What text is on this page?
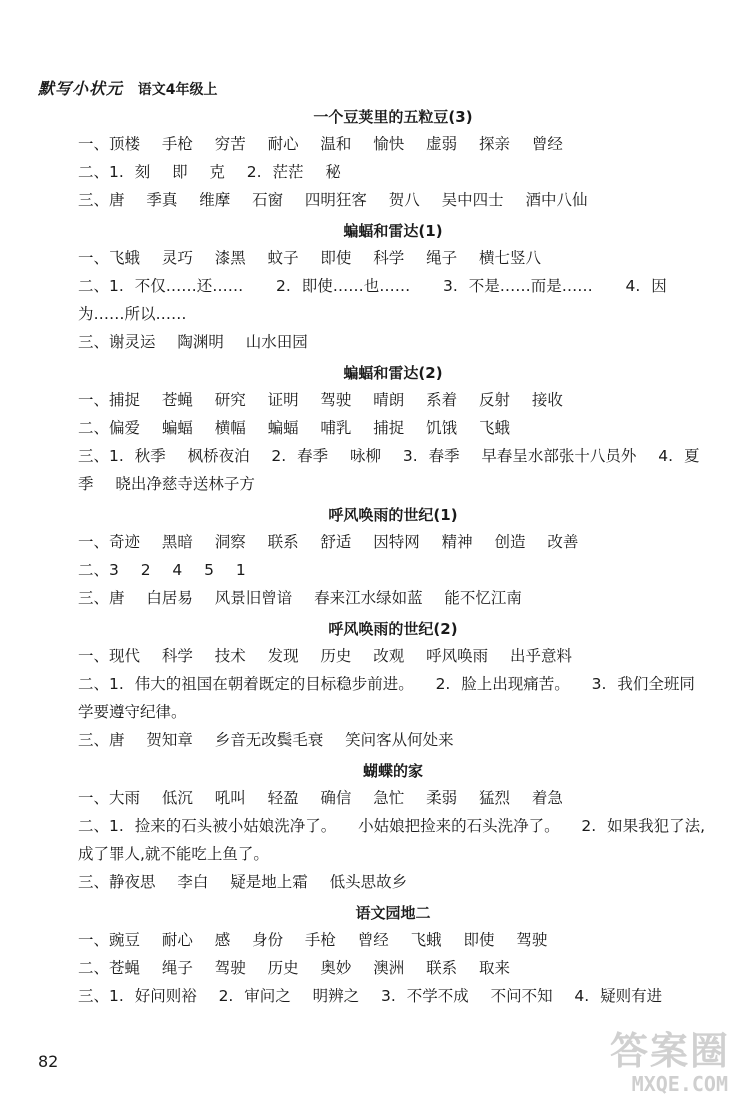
默写小状元 语文4年级上
一个豆荚里的五粒豆(3)
一、顶楼  手枪  穷苦  耐心  温和  愉快  虚弱  探亲  曾经
二、1. 刻  即  克  2. 茫茫  秘
三、唐  季真  维摩  石窗  四明狂客  贺八  吴中四士  酒中八仙
蝙蝠和雷达(1)
一、飞蛾  灵巧  漆黑  蚊子  即使  科学  绳子  横七竖八
二、1. 不仅……还……   2. 即使……也……   3. 不是……而是……   4. 因为……所以……
三、谢灵运  陶渊明  山水田园
蝙蝠和雷达(2)
一、捕捉  苍蝇  研究  证明  驾驶  晴朗  系着  反射  接收
二、偏爱  蝙蝠  横幅  蝙蝠  哺乳  捕捉  饥饿  飞蛾
三、1. 秋季  枫桥夜泊  2. 春季  咏柳  3. 春季  早春呈水部张十八员外  4. 夏季  晓出净慈寺送林子方
呼风唤雨的世纪(1)
一、奇迹  黑暗  洞察  联系  舒适  因特网  精神  创造  改善
二、3  2  4  5  1
三、唐  白居易  风景旧曾谙  春来江水绿如蓝  能不忆江南
呼风唤雨的世纪(2)
一、现代  科学  技术  发现  历史  改观  呼风唤雨  出乎意料
二、1. 伟大的祖国在朝着既定的目标稳步前进。  2. 脸上出现痛苦。  3. 我们全班同学要遵守纪律。
三、唐  贺知章  乡音无改鬓毛衰  笑问客从何处来
蝴蝶的家
一、大雨  低沉  吼叫  轻盈  确信  急忙  柔弱  猛烈  着急
二、1. 捡来的石头被小姑娘洗净了。  小姑娘把捡来的石头洗净了。  2. 如果我犯了法,成了罪人,就不能吃上鱼了。
三、静夜思  李白  疑是地上霜  低头思故乡
语文园地二
一、豌豆  耐心  感  身份  手枪  曾经  飞蛾  即使  驾驶
二、苍蝇  绳子  驾驶  历史  奥妙  澳洲  联系  取来
三、1. 好问则裕  2. 审问之  明辨之  3. 不学不成  不问不知  4. 疑则有进
82	答案圈
MXQE.COM
